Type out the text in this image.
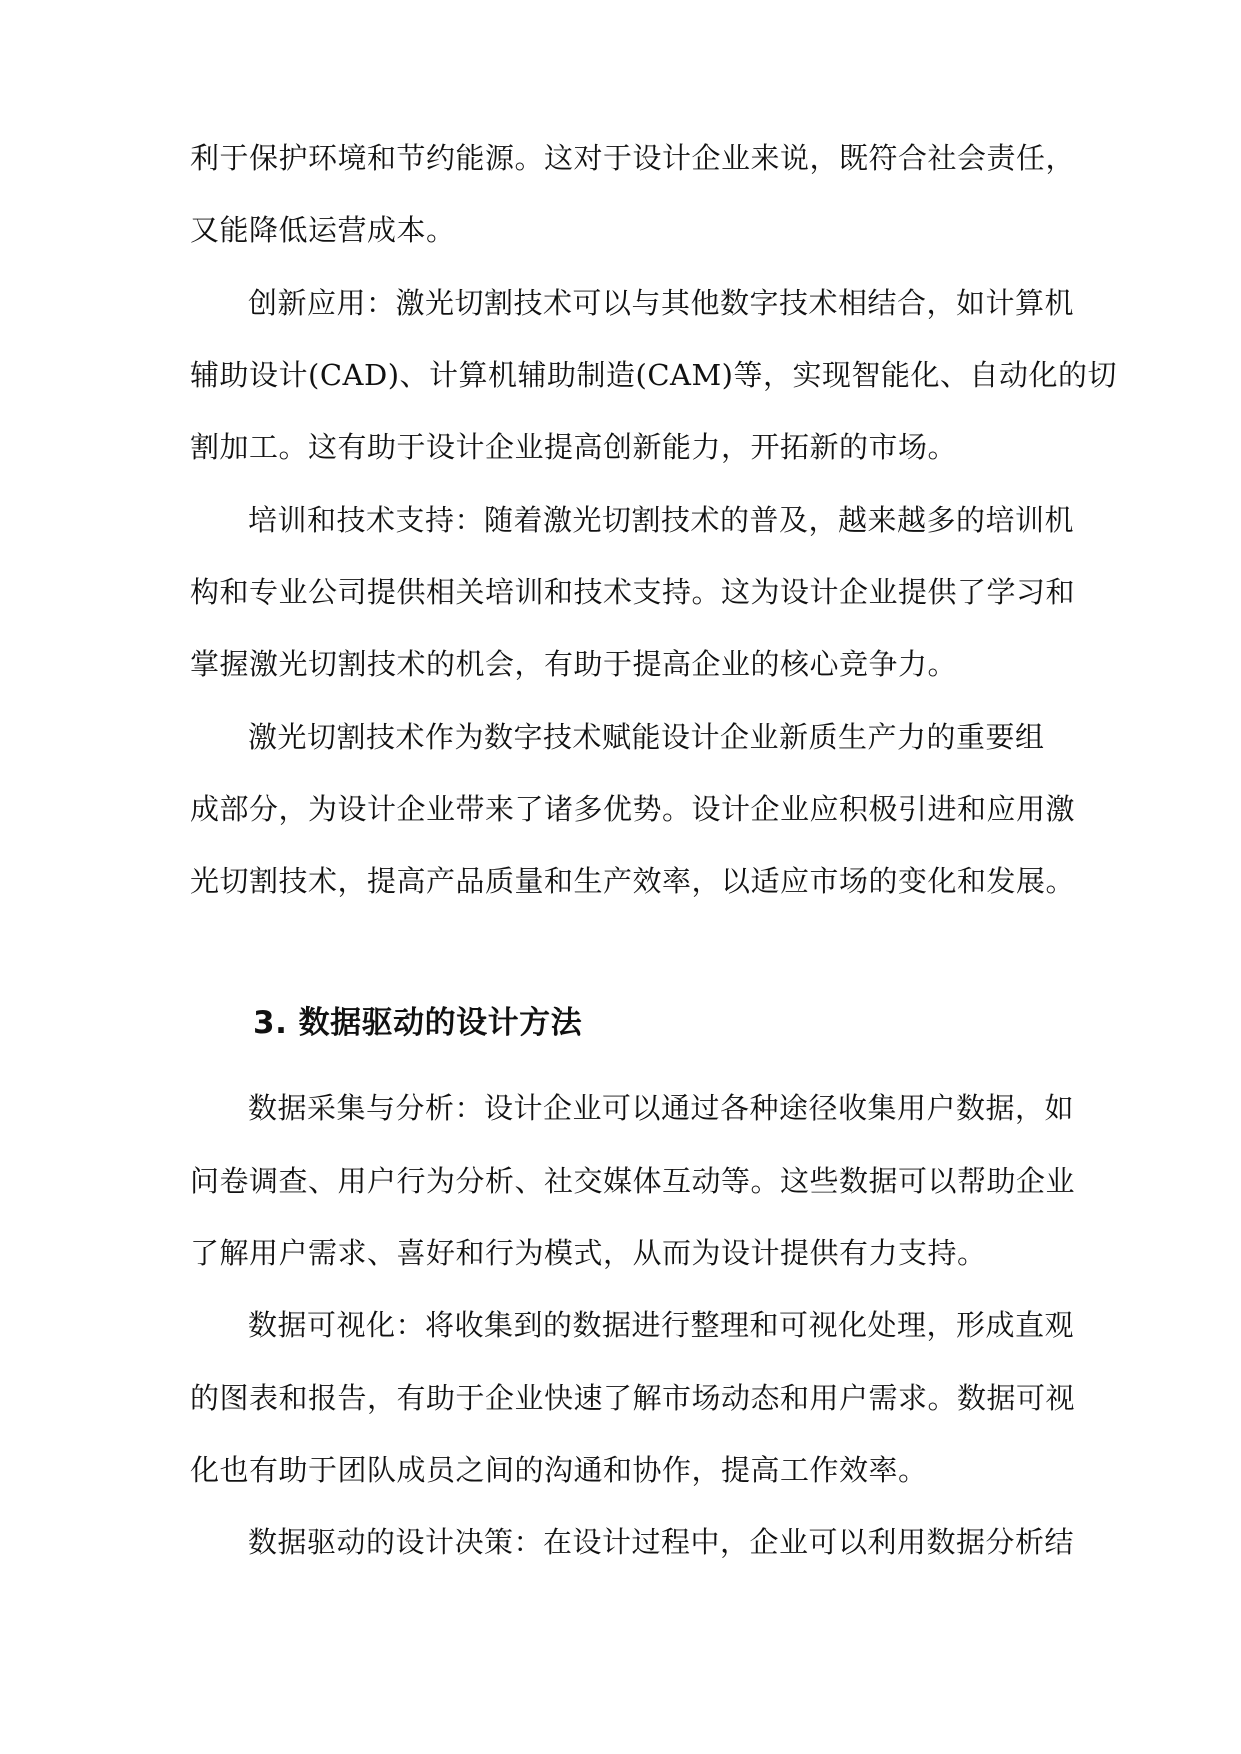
利于保护环境和节约能源。这对于设计企业来说，既符合社会责任，
又能降低运营成本。
创新应用：激光切割技术可以与其他数字技术相结合，如计算机
辅助设计(CAD)、计算机辅助制造(CAM)等，实现智能化、自动化的切
割加工。这有助于设计企业提高创新能力，开拓新的市场。
培训和技术支持：随着激光切割技术的普及，越来越多的培训机
构和专业公司提供相关培训和技术支持。这为设计企业提供了学习和
掌握激光切割技术的机会，有助于提高企业的核心竞争力。
激光切割技术作为数字技术赋能设计企业新质生产力的重要组
成部分，为设计企业带来了诸多优势。设计企业应积极引进和应用激
光切割技术，提高产品质量和生产效率，以适应市场的变化和发展。
3. 数据驱动的设计方法
数据采集与分析：设计企业可以通过各种途径收集用户数据，如
问卷调查、用户行为分析、社交媒体互动等。这些数据可以帮助企业
了解用户需求、喜好和行为模式，从而为设计提供有力支持。
数据可视化：将收集到的数据进行整理和可视化处理，形成直观
的图表和报告，有助于企业快速了解市场动态和用户需求。数据可视
化也有助于团队成员之间的沟通和协作，提高工作效率。
数据驱动的设计决策：在设计过程中，企业可以利用数据分析结
